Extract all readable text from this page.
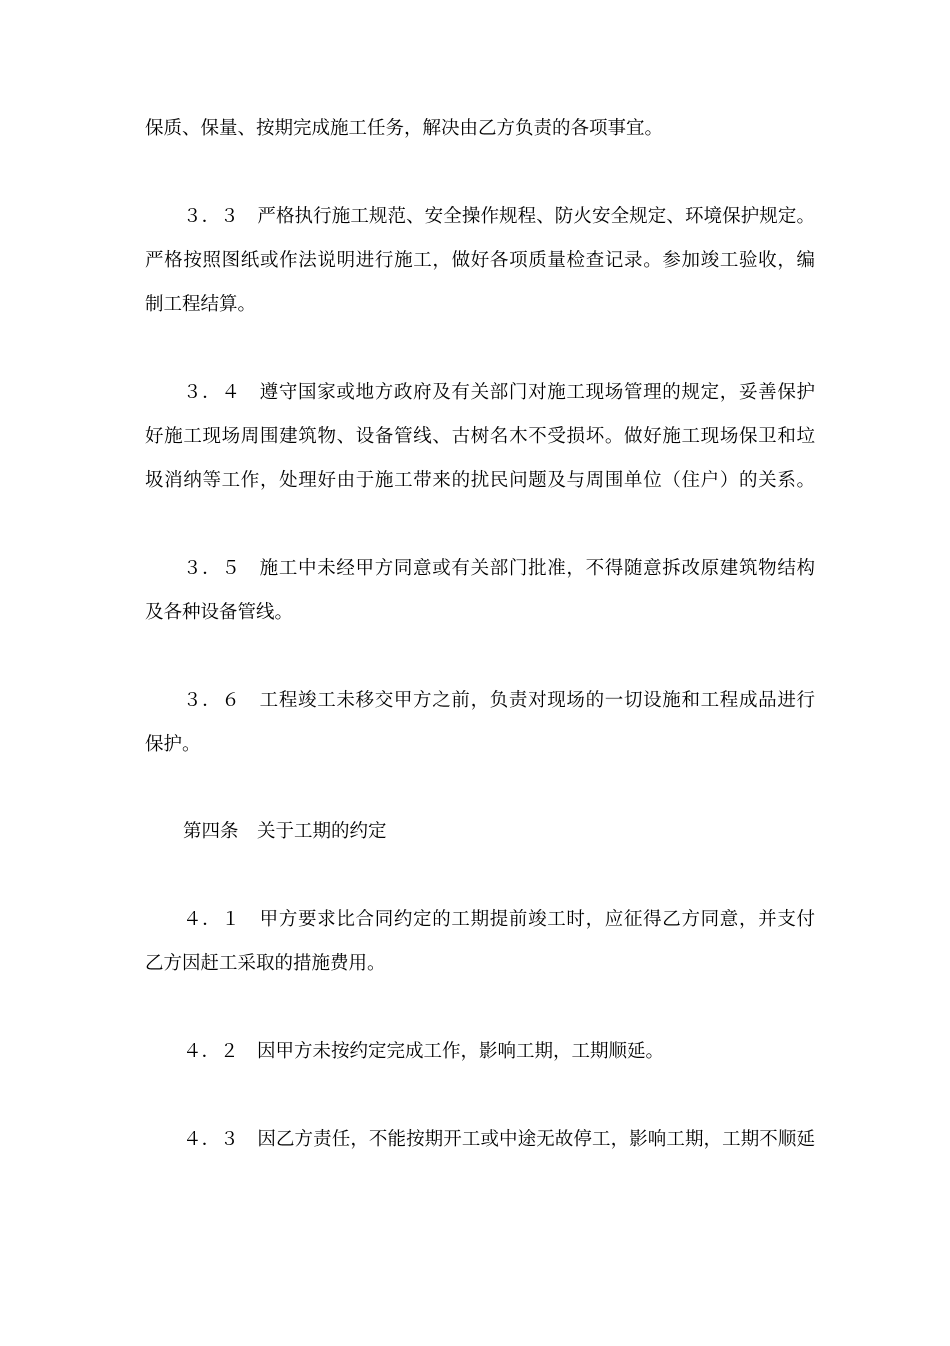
保质、保量、按期完成施工任务，解决由乙方负责的各项事宜。
３．３　严格执行施工规范、安全操作规程、防火安全规定、环境保护规定。
严格按照图纸或作法说明进行施工，做好各项质量检查记录。参加竣工验收，编
制工程结算。
３．４　遵守国家或地方政府及有关部门对施工现场管理的规定，妥善保护
好施工现场周围建筑物、设备管线、古树名木不受损坏。做好施工现场保卫和垃
圾消纳等工作，处理好由于施工带来的扰民问题及与周围单位（住户）的关系。
３．５　施工中未经甲方同意或有关部门批准，不得随意拆改原建筑物结构
及各种设备管线。
３．６　工程竣工未移交甲方之前，负责对现场的一切设施和工程成品进行
保护。
第四条　关于工期的约定
４．１　甲方要求比合同约定的工期提前竣工时，应征得乙方同意，并支付
乙方因赶工采取的措施费用。
４．２　因甲方未按约定完成工作，影响工期，工期顺延。
４．３　因乙方责任，不能按期开工或中途无故停工，影响工期，工期不顺延
